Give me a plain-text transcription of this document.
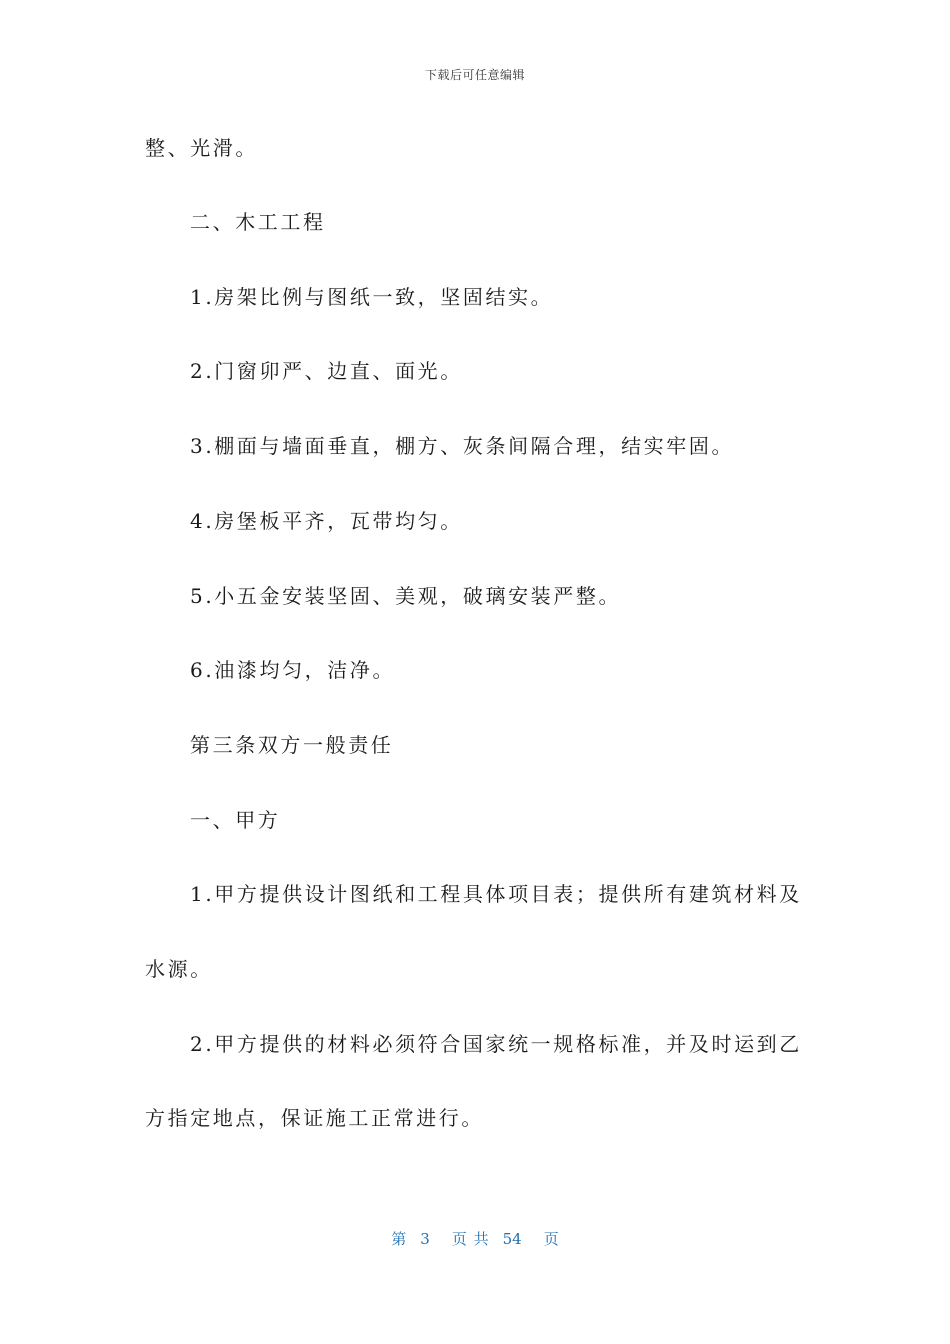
下载后可任意编辑
整、光滑。
二、木工工程
1.房架比例与图纸一致，坚固结实。
2.门窗卯严、边直、面光。
3.棚面与墙面垂直，棚方、灰条间隔合理，结实牢固。
4.房堡板平齐，瓦带均匀。
5.小五金安装坚固、美观，破璃安装严整。
6.油漆均匀，洁净。
第三条双方一般责任
一、甲方
1.甲方提供设计图纸和工程具体项目表；提供所有建筑材料及
水源。
2.甲方提供的材料必须符合国家统一规格标准，并及时运到乙
方指定地点，保证施工正常进行。
第 3 页 共 54 页
